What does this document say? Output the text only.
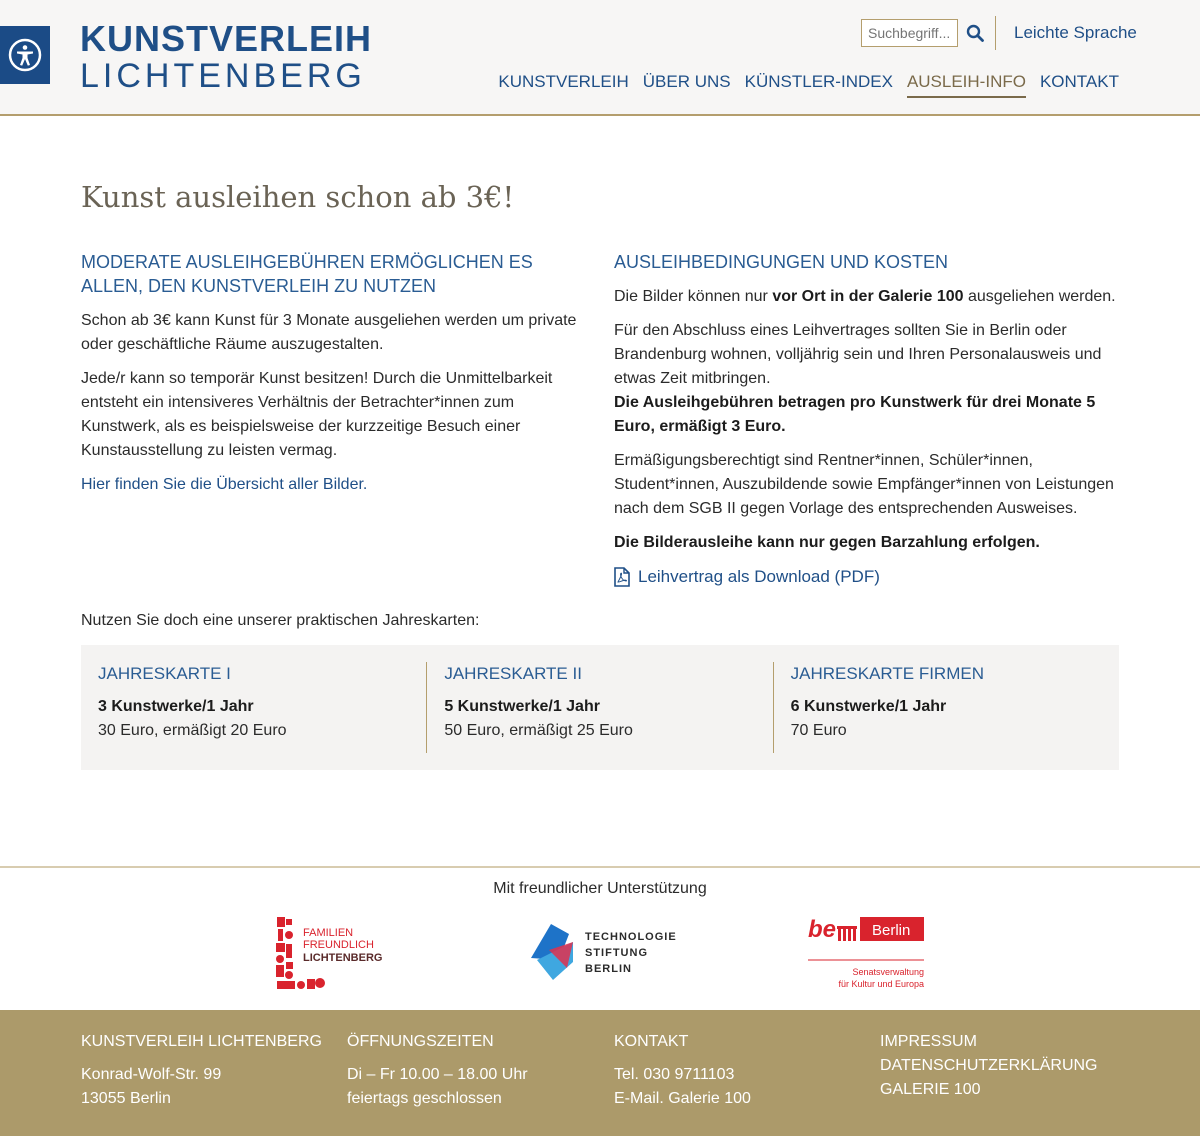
KUNSTVERLEIH
LICHTENBERG
Suchbegriff...
Leichte Sprache
KUNSTVERLEIH ÜBER UNS KÜNSTLER-INDEX AUSLEIH-INFO KONTAKT
Kunst ausleihen schon ab 3€!
MODERATE AUSLEIHGEBÜHREN ERMÖGLICHEN ES ALLEN, DEN KUNSTVERLEIH ZU NUTZEN

Schon ab 3€ kann Kunst für 3 Monate ausgeliehen werden um private oder geschäftliche Räume auszugestalten.

Jede/r kann so temporär Kunst besitzen! Durch die Unmittelbarkeit entsteht ein intensiveres Verhältnis der Betrachter*innen zum Kunstwerk, als es beispielsweise der kurzzeitige Besuch einer Kunstausstellung zu leisten vermag.

Hier finden Sie die Übersicht aller Bilder.

AUSLEIHBEDINGUNGEN UND KOSTEN

Die Bilder können nur vor Ort in der Galerie 100 ausgeliehen werden.

Für den Abschluss eines Leihvertrages sollten Sie in Berlin oder Brandenburg wohnen, volljährig sein und Ihren Personalausweis und etwas Zeit mitbringen.
Die Ausleihgebühren betragen pro Kunstwerk für drei Monate 5 Euro, ermäßigt 3 Euro.

Ermäßigungsberechtigt sind Rentner*innen, Schüler*innen, Student*innen, Auszubildende sowie Empfänger*innen von Leistungen nach dem SGB II gegen Vorlage des entsprechenden Ausweises.

Die Bilderausleihe kann nur gegen Barzahlung erfolgen.

Leihvertrag als Download (PDF)
Nutzen Sie doch eine unserer praktischen Jahreskarten:
JAHRESKARTE I
3 Kunstwerke/1 Jahr
30 Euro, ermäßigt 20 Euro
JAHRESKARTE II
5 Kunstwerke/1 Jahr
50 Euro, ermäßigt 25 Euro
JAHRESKARTE FIRMEN
6 Kunstwerke/1 Jahr
70 Euro
Mit freundlicher Unterstützung
FAMILIEN
FREUNDLICH
LICHTENBERG
TECHNOLOGIE
STIFTUNG
BERLIN
be Berlin
Senatsverwaltung
für Kultur und Europa
KUNSTVERLEIH LICHTENBERG
Konrad-Wolf-Str. 99
13055 Berlin
ÖFFNUNGSZEITEN
Di – Fr 10.00 – 18.00 Uhr
feiertags geschlossen
KONTAKT
Tel. 030 9711103
E-Mail. Galerie 100
IMPRESSUM
DATENSCHUTZERKLÄRUNG
GALERIE 100
